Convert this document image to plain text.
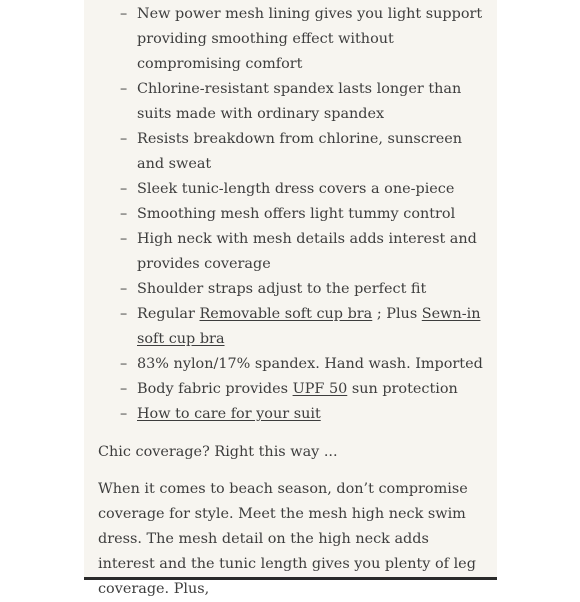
– New power mesh lining gives you light support providing smoothing effect without compromising comfort
– Chlorine-resistant spandex lasts longer than suits made with ordinary spandex
– Resists breakdown from chlorine, sunscreen and sweat
– Sleek tunic-length dress covers a one-piece
– Smoothing mesh offers light tummy control
– High neck with mesh details adds interest and provides coverage
– Shoulder straps adjust to the perfect fit
– Regular Removable soft cup bra ; Plus Sewn-in soft cup bra
– 83% nylon/17% spandex. Hand wash. Imported
– Body fabric provides UPF 50 sun protection
– How to care for your suit

Chic coverage? Right this way ...

When it comes to beach season, don’t compromise coverage for style. Meet the mesh high neck swim dress. The mesh detail on the high neck adds interest and the tunic length gives you plenty of leg coverage. Plus,
